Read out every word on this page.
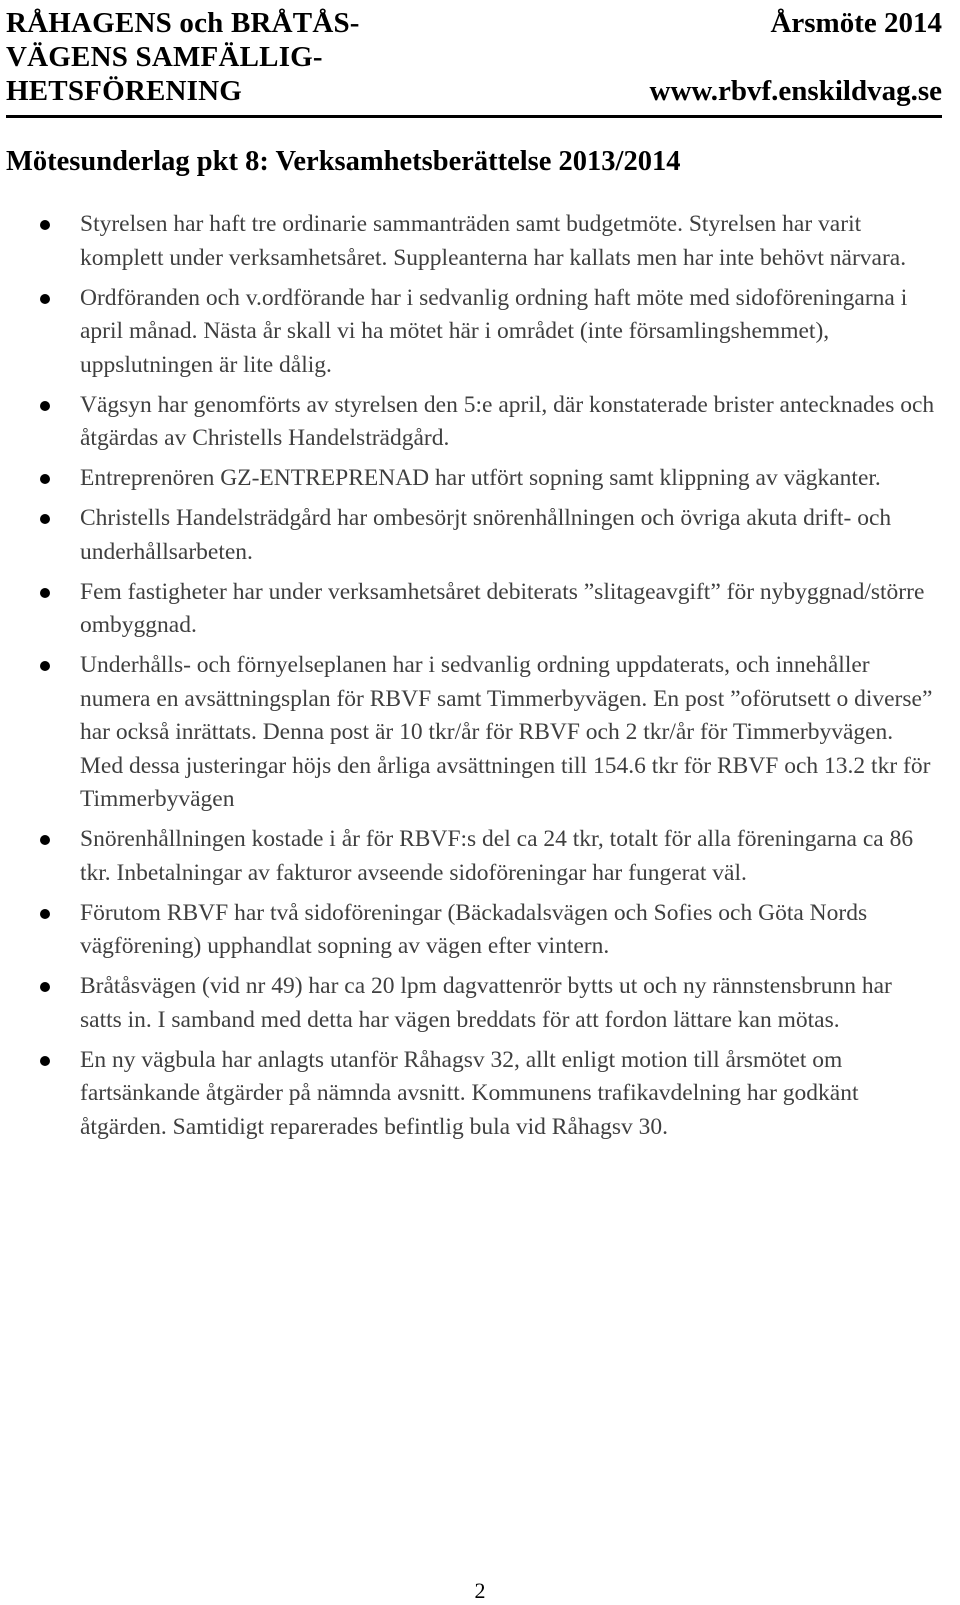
RÅHAGENS och BRÅTÅS-VÄGENS SAMFÄLLIG-HETSFÖRENING
Årsmöte 2014
www.rbvf.enskildvag.se
Mötesunderlag pkt 8: Verksamhetsberättelse 2013/2014
Styrelsen har haft tre ordinarie sammanträden samt budgetmöte. Styrelsen har varit komplett under verksamhetsåret. Suppleanterna har kallats men har inte behövt närvara.
Ordföranden och v.ordförande har i sedvanlig ordning haft möte med sidoföreningarna i april månad. Nästa år skall vi ha mötet här i området (inte församlingshemmet), uppslutningen är lite dålig.
Vägsyn har genomförts av styrelsen den 5:e april, där konstaterade brister antecknades och åtgärdas av Christells Handelsträdgård.
Entreprenören GZ-ENTREPRENAD har utfört sopning samt klippning av vägkanter.
Christells Handelsträdgård har ombesörjt snörenhållningen och övriga akuta drift- och underhållsarbeten.
Fem fastigheter har under verksamhetsåret debiterats ”slitageavgift” för nybyggnad/större ombyggnad.
Underhålls- och förnyelseplanen har i sedvanlig ordning uppdaterats, och innehåller numera en avsättningsplan för RBVF samt Timmerbyvägen. En post ”oförutsett o diverse” har också inrättats. Denna post är 10 tkr/år för RBVF och 2 tkr/år för Timmerbyvägen. Med dessa justeringar höjs den årliga avsättningen till 154.6 tkr för RBVF och 13.2 tkr för Timmerbyvägen
Snörenhållningen kostade i år för RBVF:s del ca 24 tkr, totalt för alla föreningarna ca 86 tkr. Inbetalningar av fakturor avseende sidoföreningar har fungerat väl.
Förutom RBVF har två sidoföreningar (Bäckadalsvägen och Sofies och Göta Nords vägförening) upphandlat sopning av vägen efter vintern.
Bråtåsvägen (vid nr 49) har ca 20 lpm dagvattenrör bytts ut och ny rännstensbrunn har satts in. I samband med detta har vägen breddats för att fordon lättare kan mötas.
En ny vägbula har anlagts utanför Råhagsv 32, allt enligt motion till årsmötet om fartsänkande åtgärder på nämnda avsnitt. Kommunens trafikavdelning har godkänt åtgärden. Samtidigt reparerades befintlig bula vid Råhagsv 30.
2
